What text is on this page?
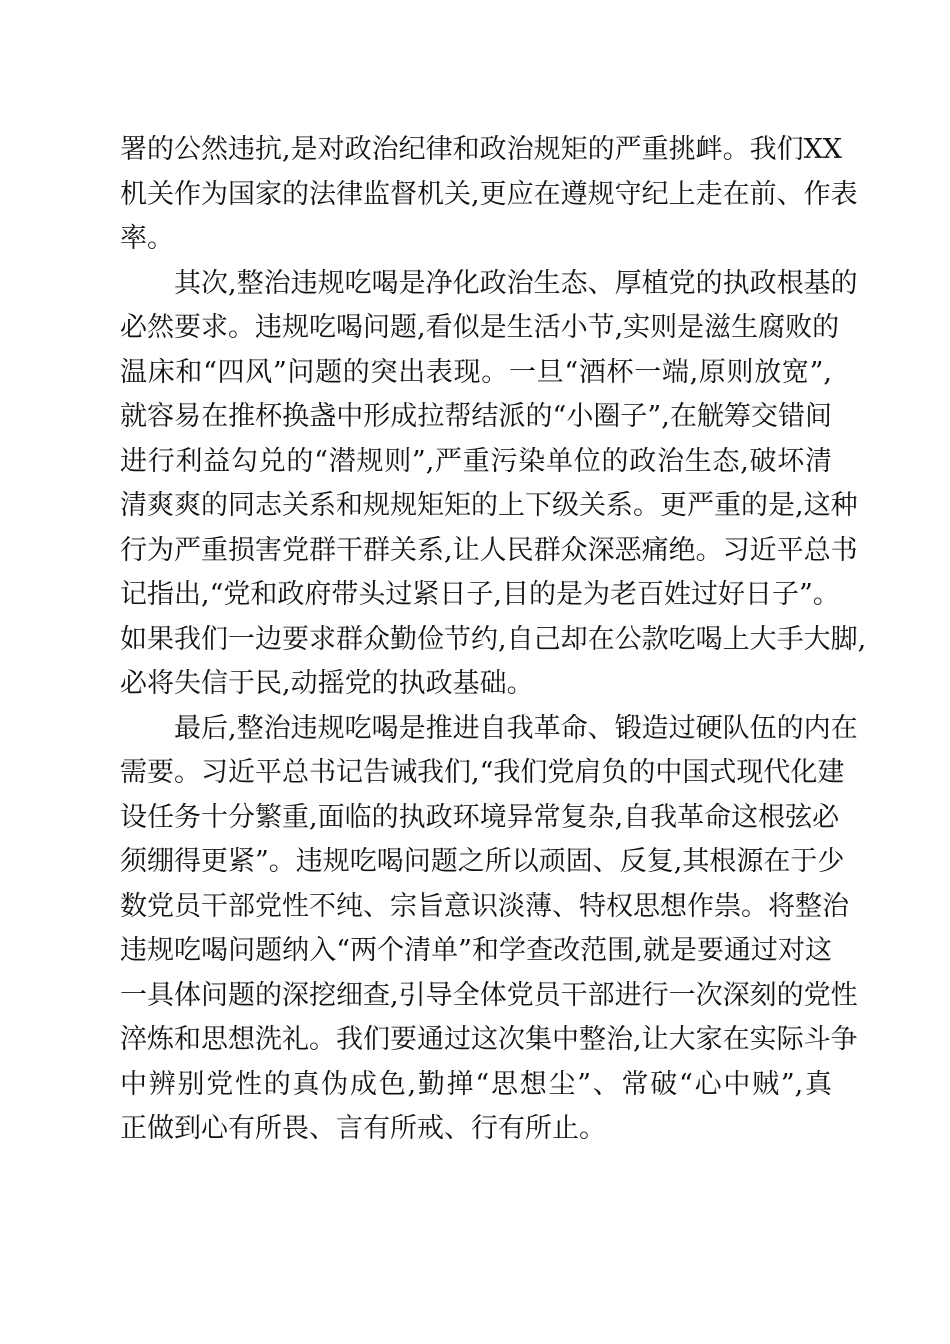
署的公然违抗,是对政治纪律和政治规矩的严重挑衅。我们XX
机关作为国家的法律监督机关,更应在遵规守纪上走在前、作表
率。
其次,整治违规吃喝是净化政治生态、厚植党的执政根基的
必然要求。违规吃喝问题,看似是生活小节,实则是滋生腐败的
温床和“四风”问题的突出表现。一旦“酒杯一端,原则放宽”,
就容易在推杯换盏中形成拉帮结派的“小圈子”,在觥筹交错间
进行利益勾兑的“潜规则”,严重污染单位的政治生态,破坏清
清爽爽的同志关系和规规矩矩的上下级关系。更严重的是,这种
行为严重损害党群干群关系,让人民群众深恶痛绝。习近平总书
记指出,“党和政府带头过紧日子,目的是为老百姓过好日子”。
如果我们一边要求群众勤俭节约,自己却在公款吃喝上大手大脚,
必将失信于民,动摇党的执政基础。
最后,整治违规吃喝是推进自我革命、锻造过硬队伍的内在
需要。习近平总书记告诫我们,“我们党肩负的中国式现代化建
设任务十分繁重,面临的执政环境异常复杂,自我革命这根弦必
须绷得更紧”。违规吃喝问题之所以顽固、反复,其根源在于少
数党员干部党性不纯、宗旨意识淡薄、特权思想作祟。将整治
违规吃喝问题纳入“两个清单”和学查改范围,就是要通过对这
一具体问题的深挖细查,引导全体党员干部进行一次深刻的党性
淬炼和思想洗礼。我们要通过这次集中整治,让大家在实际斗争
中辨别党性的真伪成色,勤掸“思想尘”、常破“心中贼”,真
正做到心有所畏、言有所戒、行有所止。
